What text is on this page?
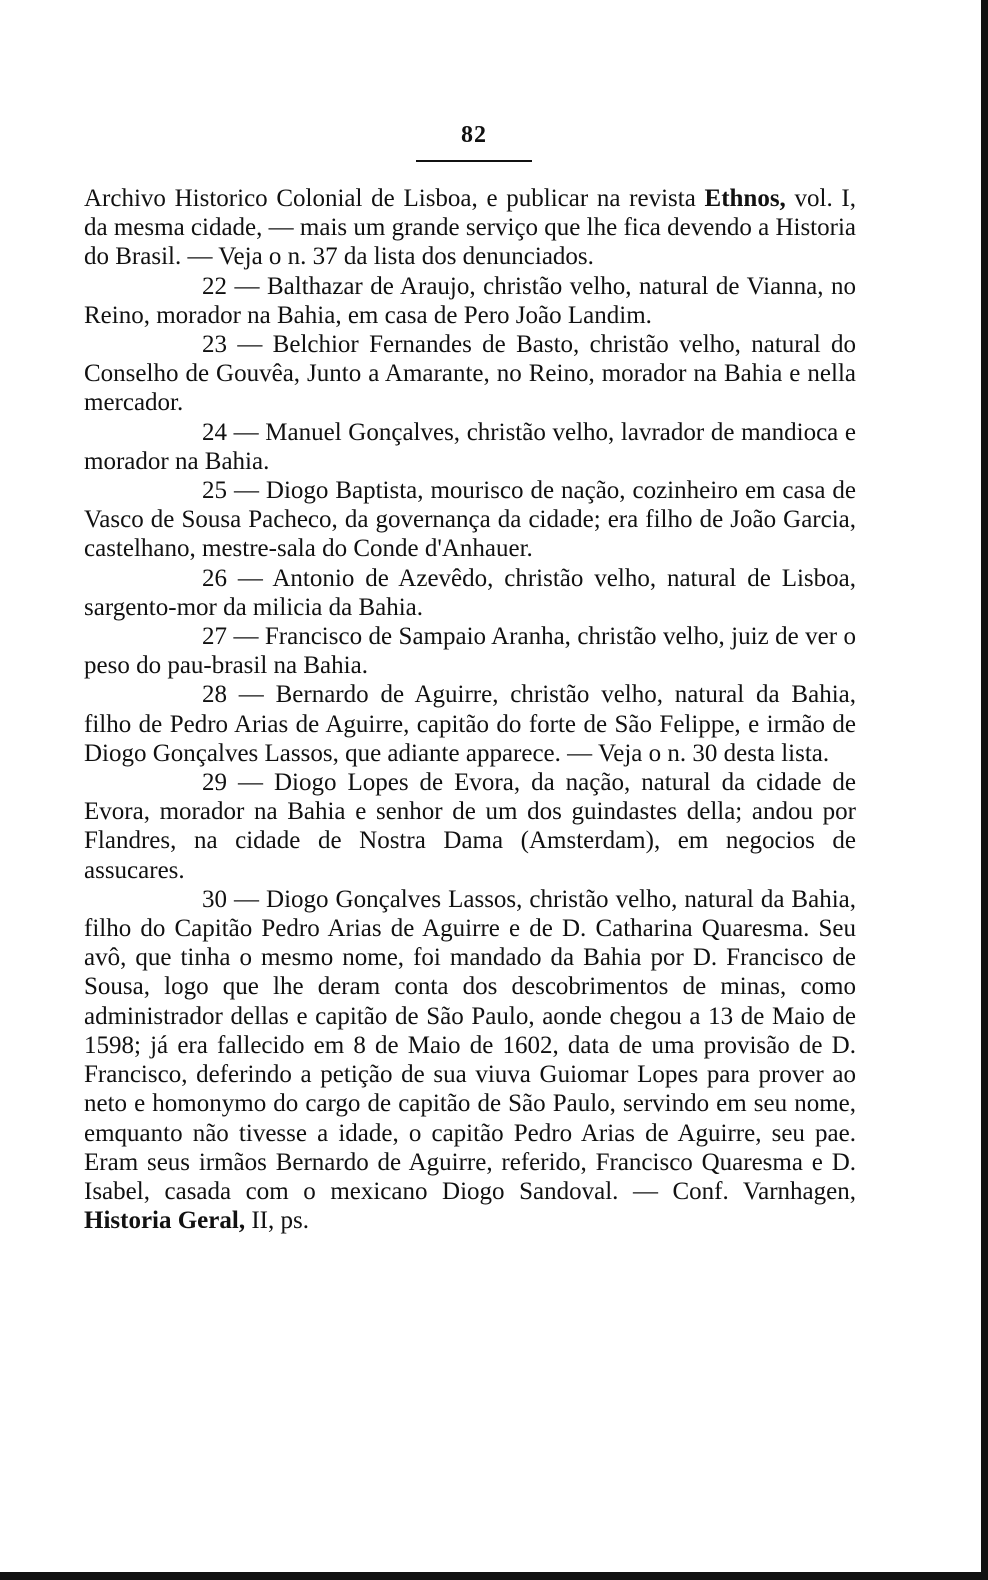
82

Archivo Historico Colonial de Lisboa, e publicar na revista Ethnos, vol. I, da mesma cidade, — mais um grande serviço que lhe fica devendo a Historia do Brasil. — Veja o n. 37 da lista dos denunciados.

22 — Balthazar de Araujo, christão velho, natural de Vianna, no Reino, morador na Bahia, em casa de Pero João Landim.

23 — Belchior Fernandes de Basto, christão velho, natural do Conselho de Gouvêa, Junto a Amarante, no Reino, morador na Bahia e nella mercador.

24 — Manuel Gonçalves, christão velho, lavrador de mandioca e morador na Bahia.

25 — Diogo Baptista, mourisco de nação, cozinheiro em casa de Vasco de Sousa Pacheco, da governança da cidade; era filho de João Garcia, castelhano, mestre-sala do Conde d'Anhauer.

26 — Antonio de Azevêdo, christão velho, natural de Lisboa, sargento-mor da milicia da Bahia.

27 — Francisco de Sampaio Aranha, christão velho, juiz de ver o peso do pau-brasil na Bahia.

28 — Bernardo de Aguirre, christão velho, natural da Bahia, filho de Pedro Arias de Aguirre, capitão do forte de São Felippe, e irmão de Diogo Gonçalves Lassos, que adiante apparece. — Veja o n. 30 desta lista.

29 — Diogo Lopes de Evora, da nação, natural da cidade de Evora, morador na Bahia e senhor de um dos guindastes della; andou por Flandres, na cidade de Nostra Dama (Amsterdam), em negocios de assucares.

30 — Diogo Gonçalves Lassos, christão velho, natural da Bahia, filho do Capitão Pedro Arias de Aguirre e de D. Catharina Quaresma. Seu avô, que tinha o mesmo nome, foi mandado da Bahia por D. Francisco de Sousa, logo que lhe deram conta dos descobrimentos de minas, como administrador dellas e capitão de São Paulo, aonde chegou a 13 de Maio de 1598; já era fallecido em 8 de Maio de 1602, data de uma provisão de D. Francisco, deferindo a petição de sua viuva Guiomar Lopes para prover ao neto e homonymo do cargo de capitão de São Paulo, servindo em seu nome, emquanto não tivesse a idade, o capitão Pedro Arias de Aguirre, seu pae. Eram seus irmãos Bernardo de Aguirre, referido, Francisco Quaresma e D. Isabel, casada com o mexicano Diogo Sandoval. — Conf. Varnhagen, Historia Geral, II, ps.
